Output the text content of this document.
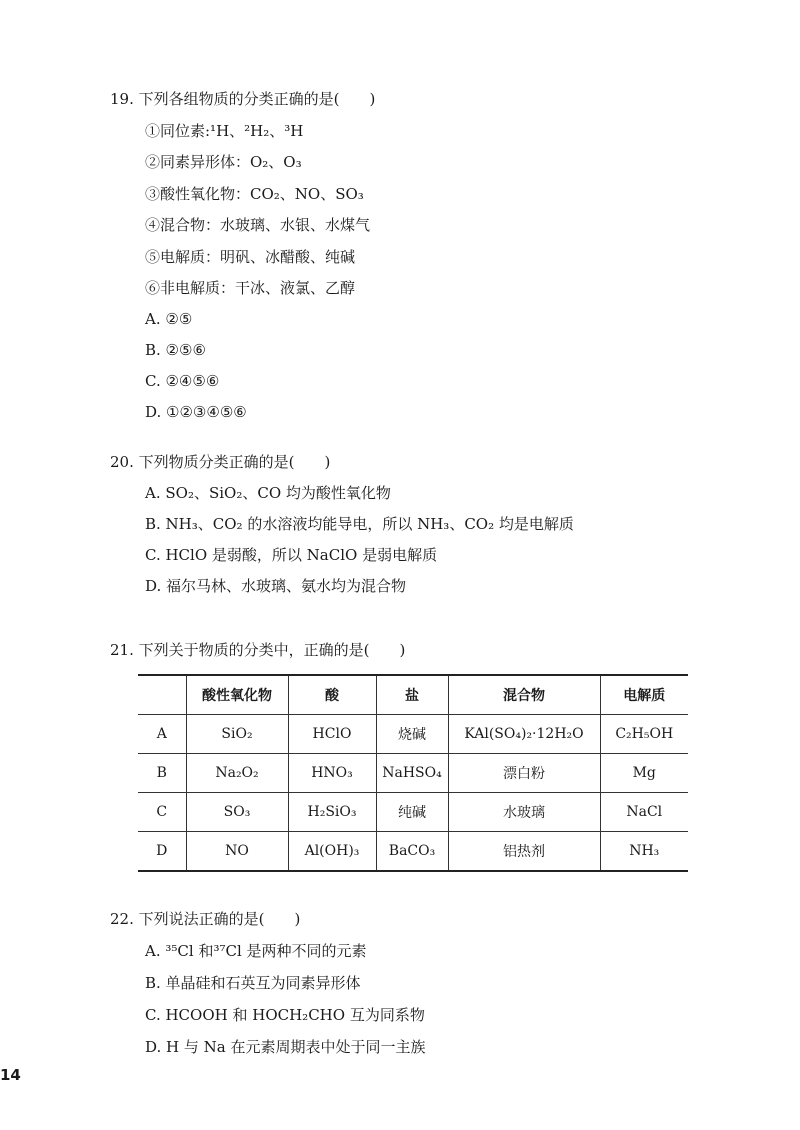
19. 下列各组物质的分类正确的是(　　)
①同位素:¹H、²H₂、³H
②同素异形体：O₂、O₃
③酸性氧化物：CO₂、NO、SO₃
④混合物：水玻璃、水银、水煤气
⑤电解质：明矾、冰醋酸、纯碱
⑥非电解质：干冰、液氯、乙醇
A. ②⑤
B. ②⑤⑥
C. ②④⑤⑥
D. ①②③④⑤⑥
20. 下列物质分类正确的是(　　)
A. SO₂、SiO₂、CO 均为酸性氧化物
B. NH₃、CO₂ 的水溶液均能导电，所以 NH₃、CO₂ 均是电解质
C. HClO 是弱酸，所以 NaClO 是弱电解质
D. 福尔马林、水玻璃、氨水均为混合物
21. 下列关于物质的分类中，正确的是(　　)
	酸性氧化物	酸	盐	混合物	电解质
A	SiO₂	HClO	烧碱	KAl(SO₄)₂·12H₂O	C₂H₅OH
B	Na₂O₂	HNO₃	NaHSO₄	漂白粉	Mg
C	SO₃	H₂SiO₃	纯碱	水玻璃	NaCl
D	NO	Al(OH)₃	BaCO₃	铝热剂	NH₃
22. 下列说法正确的是(　　)
A. ³⁵Cl 和³⁷Cl 是两种不同的元素
B. 单晶硅和石英互为同素异形体
C. HCOOH 和 HOCH₂CHO 互为同系物
D. H 与 Na 在元素周期表中处于同一主族
14
